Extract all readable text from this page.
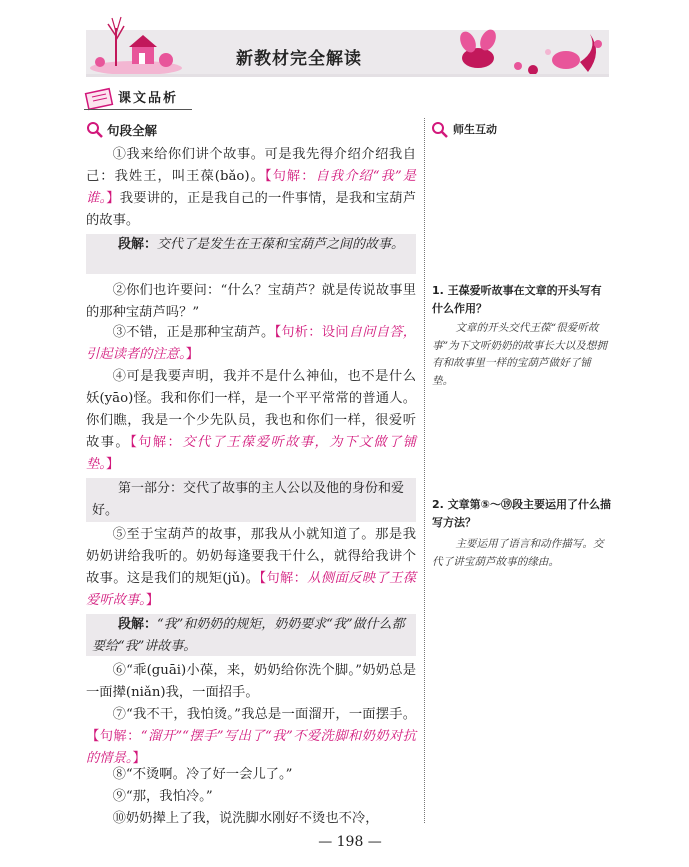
新教材完全解读
课文品析
句段全解	师生互动
①我来给你们讲个故事。可是我先得介绍介绍我自己：我姓王，叫王葆(bǎo)。【句解：自我介绍“我”是谁。】我要讲的，正是我自己的一件事情，是我和宝葫芦的故事。
段解：交代了是发生在王葆和宝葫芦之间的故事。
②你们也许要问：“什么？宝葫芦？就是传说故事里的那种宝葫芦吗？”
③不错，正是那种宝葫芦。【句析：设问自问自答，引起读者的注意。】
④可是我要声明，我并不是什么神仙，也不是什么妖(yāo)怪。我和你们一样，是一个平平常常的普通人。你们瞧，我是一个少先队员，我也和你们一样，很爱听故事。【句解：交代了王葆爱听故事，为下文做了铺垫。】
第一部分：交代了故事的主人公以及他的身份和爱好。
⑤至于宝葫芦的故事，那我从小就知道了。那是我奶奶讲给我听的。奶奶每逢要我干什么，就得给我讲个故事。这是我们的规矩(jǔ)。【句解：从侧面反映了王葆爱听故事。】
段解：“我”和奶奶的规矩，奶奶要求“我”做什么都要给“我”讲故事。
⑥“乖(guāi)小葆，来，奶奶给你洗个脚。”奶奶总是一面撵(niǎn)我，一面招手。
⑦“我不干，我怕烫。”我总是一面溜开，一面摆手。【句解：“溜开”“摆手”写出了“我”不爱洗脚和奶奶对抗的情景。】
⑧“不烫啊。冷了好一会儿了。”
⑨“那，我怕冷。”
⑩奶奶撵上了我，说洗脚水刚好不烫也不冷，
1. 王葆爱听故事在文章的开头写有什么作用？
文章的开头交代王葆“很爱听故事”为下文听奶奶的故事长大以及想拥有和故事里一样的宝葫芦做好了铺垫。
2. 文章第⑤～⑲段主要运用了什么描写方法？
主要运用了语言和动作描写。交代了讲宝葫芦故事的缘由。
— 198 —
